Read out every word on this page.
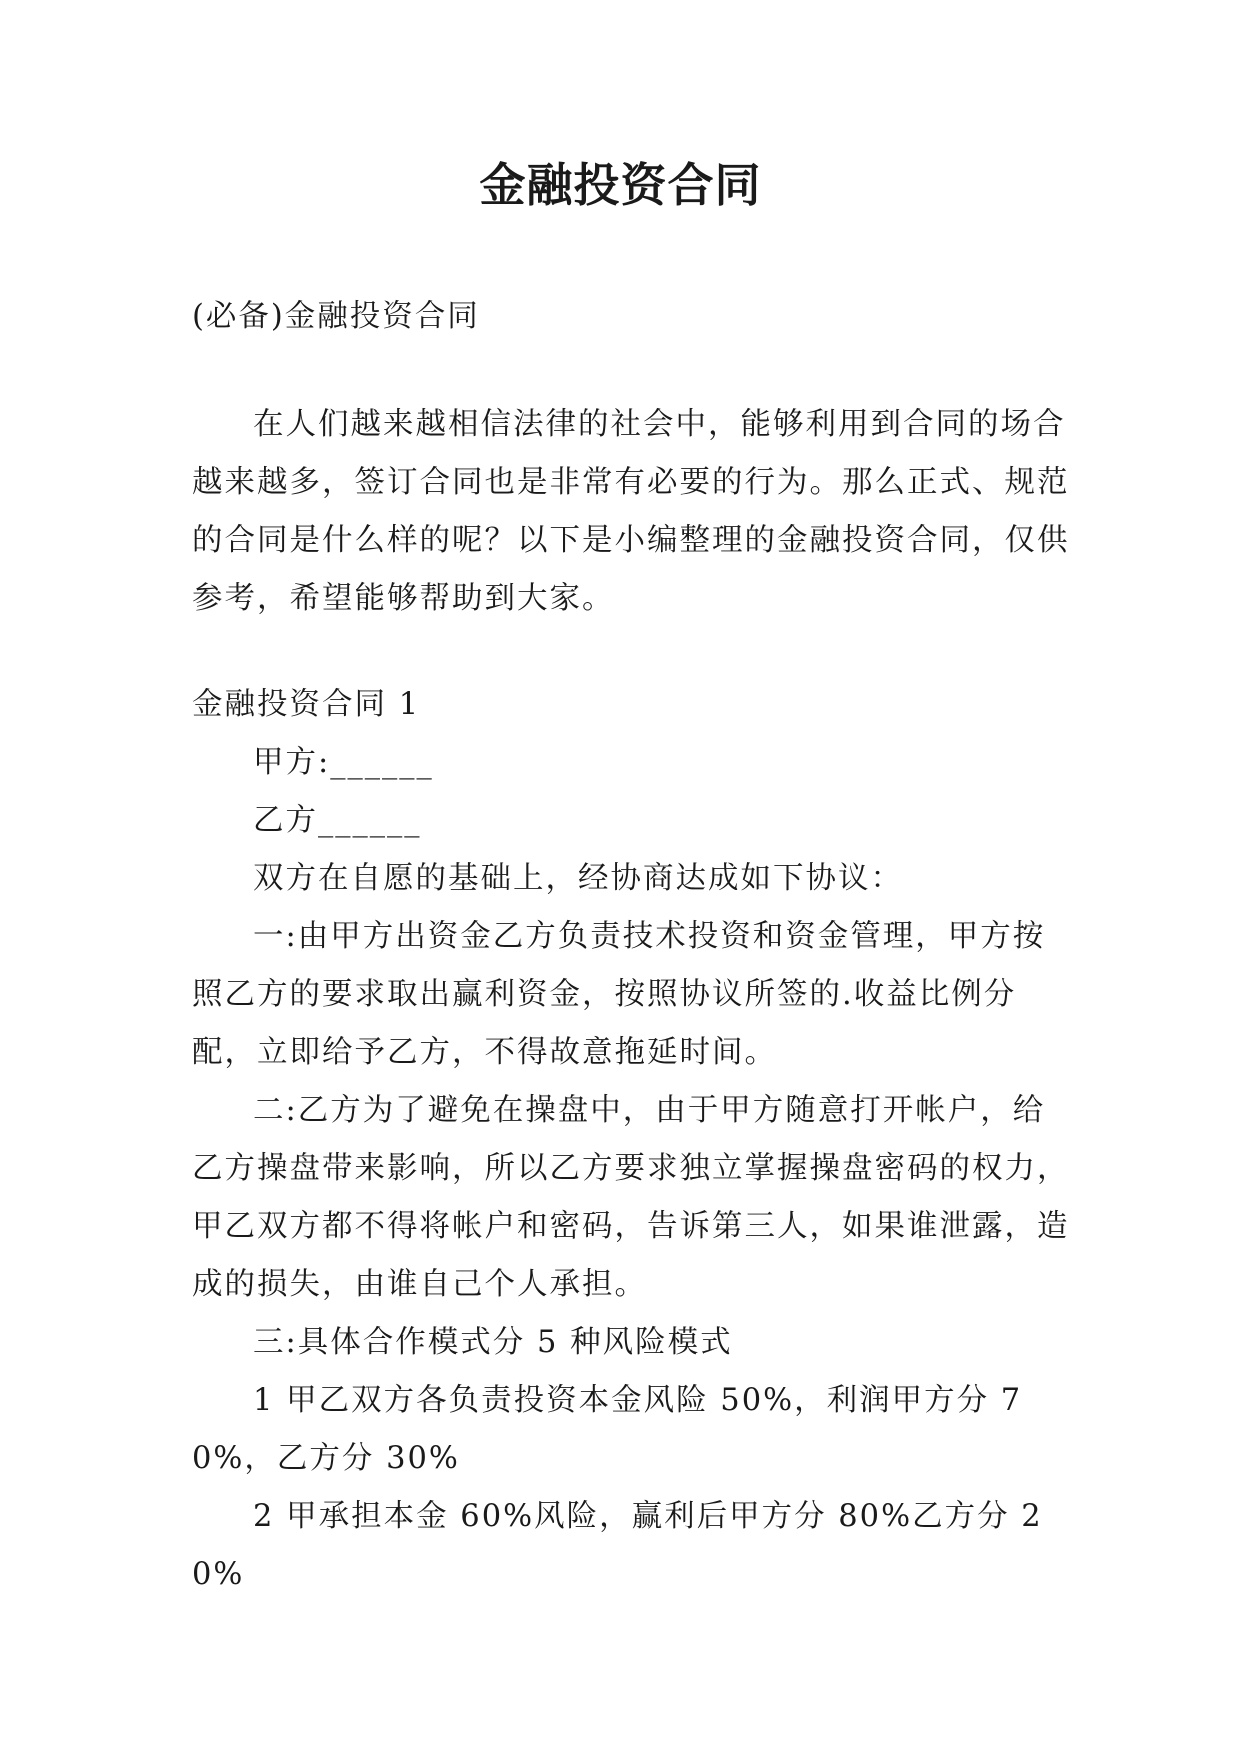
金融投资合同

(必备)金融投资合同

在人们越来越相信法律的社会中，能够利用到合同的场合越来越多，签订合同也是非常有必要的行为。那么正式、规范的合同是什么样的呢？以下是小编整理的金融投资合同，仅供参考，希望能够帮助到大家。

金融投资合同 1

甲方:______

乙方______

双方在自愿的基础上，经协商达成如下协议：

一:由甲方出资金乙方负责技术投资和资金管理，甲方按照乙方的要求取出赢利资金，按照协议所签的.收益比例分配，立即给予乙方，不得故意拖延时间。

二:乙方为了避免在操盘中，由于甲方随意打开帐户，给乙方操盘带来影响，所以乙方要求独立掌握操盘密码的权力，甲乙双方都不得将帐户和密码，告诉第三人，如果谁泄露，造成的损失，由谁自己个人承担。

三:具体合作模式分 5 种风险模式

1 甲乙双方各负责投资本金风险 50%，利润甲方分 70%，乙方分 30%

2 甲承担本金 60%风险，赢利后甲方分 80%乙方分 20%
